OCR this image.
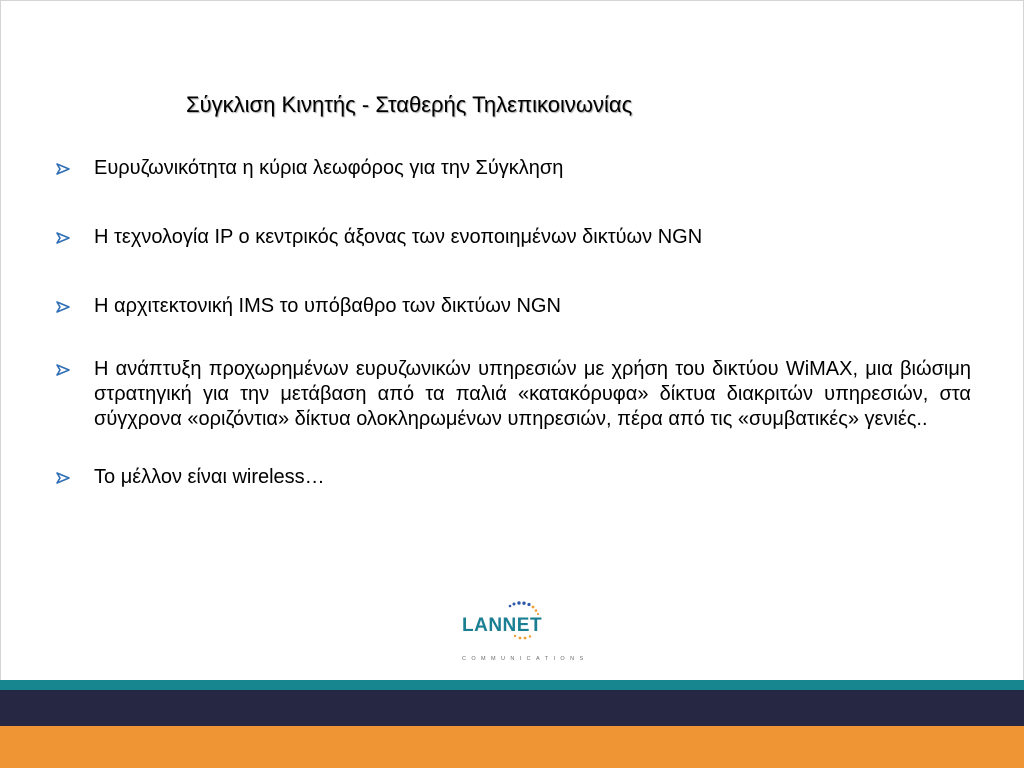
Σύγκλιση Κινητής - Σταθερής Τηλεπικοινωνίας
Ευρυζωνικότητα η κύρια λεωφόρος για την Σύγκληση
Η τεχνολογία IP ο κεντρικός άξονας των ενοποιημένων δικτύων NGN
Η αρχιτεκτονική IMS το υπόβαθρο των δικτύων NGN
Η ανάπτυξη προχωρημένων ευρυζωνικών υπηρεσιών με χρήση του δικτύου WiMAX, μια βιώσιμη στρατηγική για την μετάβαση από τα παλιά «κατακόρυφα» δίκτυα διακριτών υπηρεσιών, στα σύγχρονα «οριζόντια» δίκτυα ολοκληρωμένων υπηρεσιών, πέρα από τις «συμβατικές» γενιές..
Το μέλλον είναι wireless…
LANNET
COMMUNICATIONS
